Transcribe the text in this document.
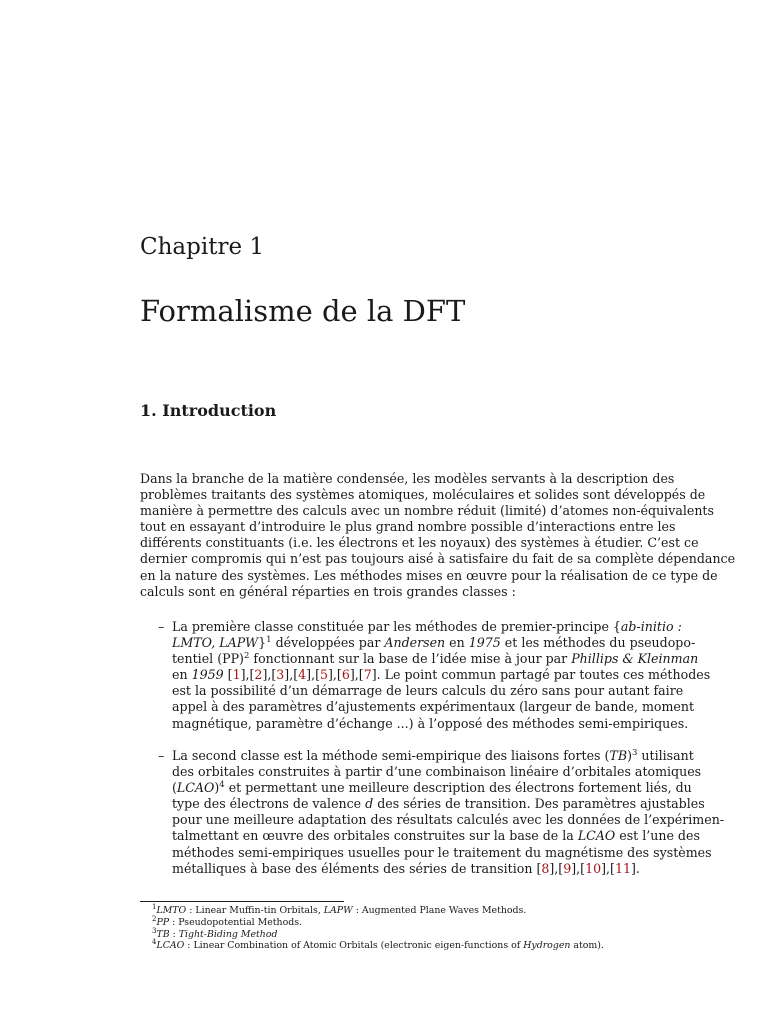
Chapitre 1
Formalisme de la DFT
1. Introduction
Dans la branche de la matière condensée, les modèles servants à la description des
problèmes traitants des systèmes atomiques, moléculaires et solides sont développés de
manière à permettre des calculs avec un nombre réduit (limité) d’atomes non-équivalents
tout en essayant d’introduire le plus grand nombre possible d’interactions entre les
différents constituants (i.e. les électrons et les noyaux) des systèmes à étudier. C’est ce
dernier compromis qui n’est pas toujours aisé à satisfaire du fait de sa complète dépendance
en la nature des systèmes. Les méthodes mises en œuvre pour la réalisation de ce type de
calculs sont en général réparties en trois grandes classes :
– La première classe constituée par les méthodes de premier-principe {ab-initio :
LMTO, LAPW}$^1$ développées par Andersen en 1975 et les méthodes du pseudopo-
tentiel (PP)$^2$ fonctionnant sur la base de l’idée mise à jour par Phillips & Kleinman
en 1959 [1],[2],[3],[4],[5],[6],[7]. Le point commun partagé par toutes ces méthodes
est la possibilité d’un démarrage de leurs calculs du zéro sans pour autant faire
appel à des paramètres d’ajustements expérimentaux (largeur de bande, moment
magnétique, paramètre d’échange ...) à l’opposé des méthodes semi-empiriques.
– La second classe est la méthode semi-empirique des liaisons fortes (TB)$^3$ utilisant
des orbitales construites à partir d’une combinaison linéaire d’orbitales atomiques
(LCAO)$^4$ et permettant une meilleure description des électrons fortement liés, du
type des électrons de valence d des séries de transition. Des paramètres ajustables
pour une meilleure adaptation des résultats calculés avec les données de l’expérimen-
talmettant en œuvre des orbitales construites sur la base de la LCAO est l’une des
méthodes semi-empiriques usuelles pour le traitement du magnétisme des systèmes
métalliques à base des éléments des séries de transition [8],[9],[10],[11].
$^1$LMTO : Linear Muffin-tin Orbitals, LAPW : Augmented Plane Waves Methods.
$^2$PP : Pseudopotential Methods.
$^3$TB : Tight-Biding Method
$^4$LCAO : Linear Combination of Atomic Orbitals (electronic eigen-functions of Hydrogen atom).
